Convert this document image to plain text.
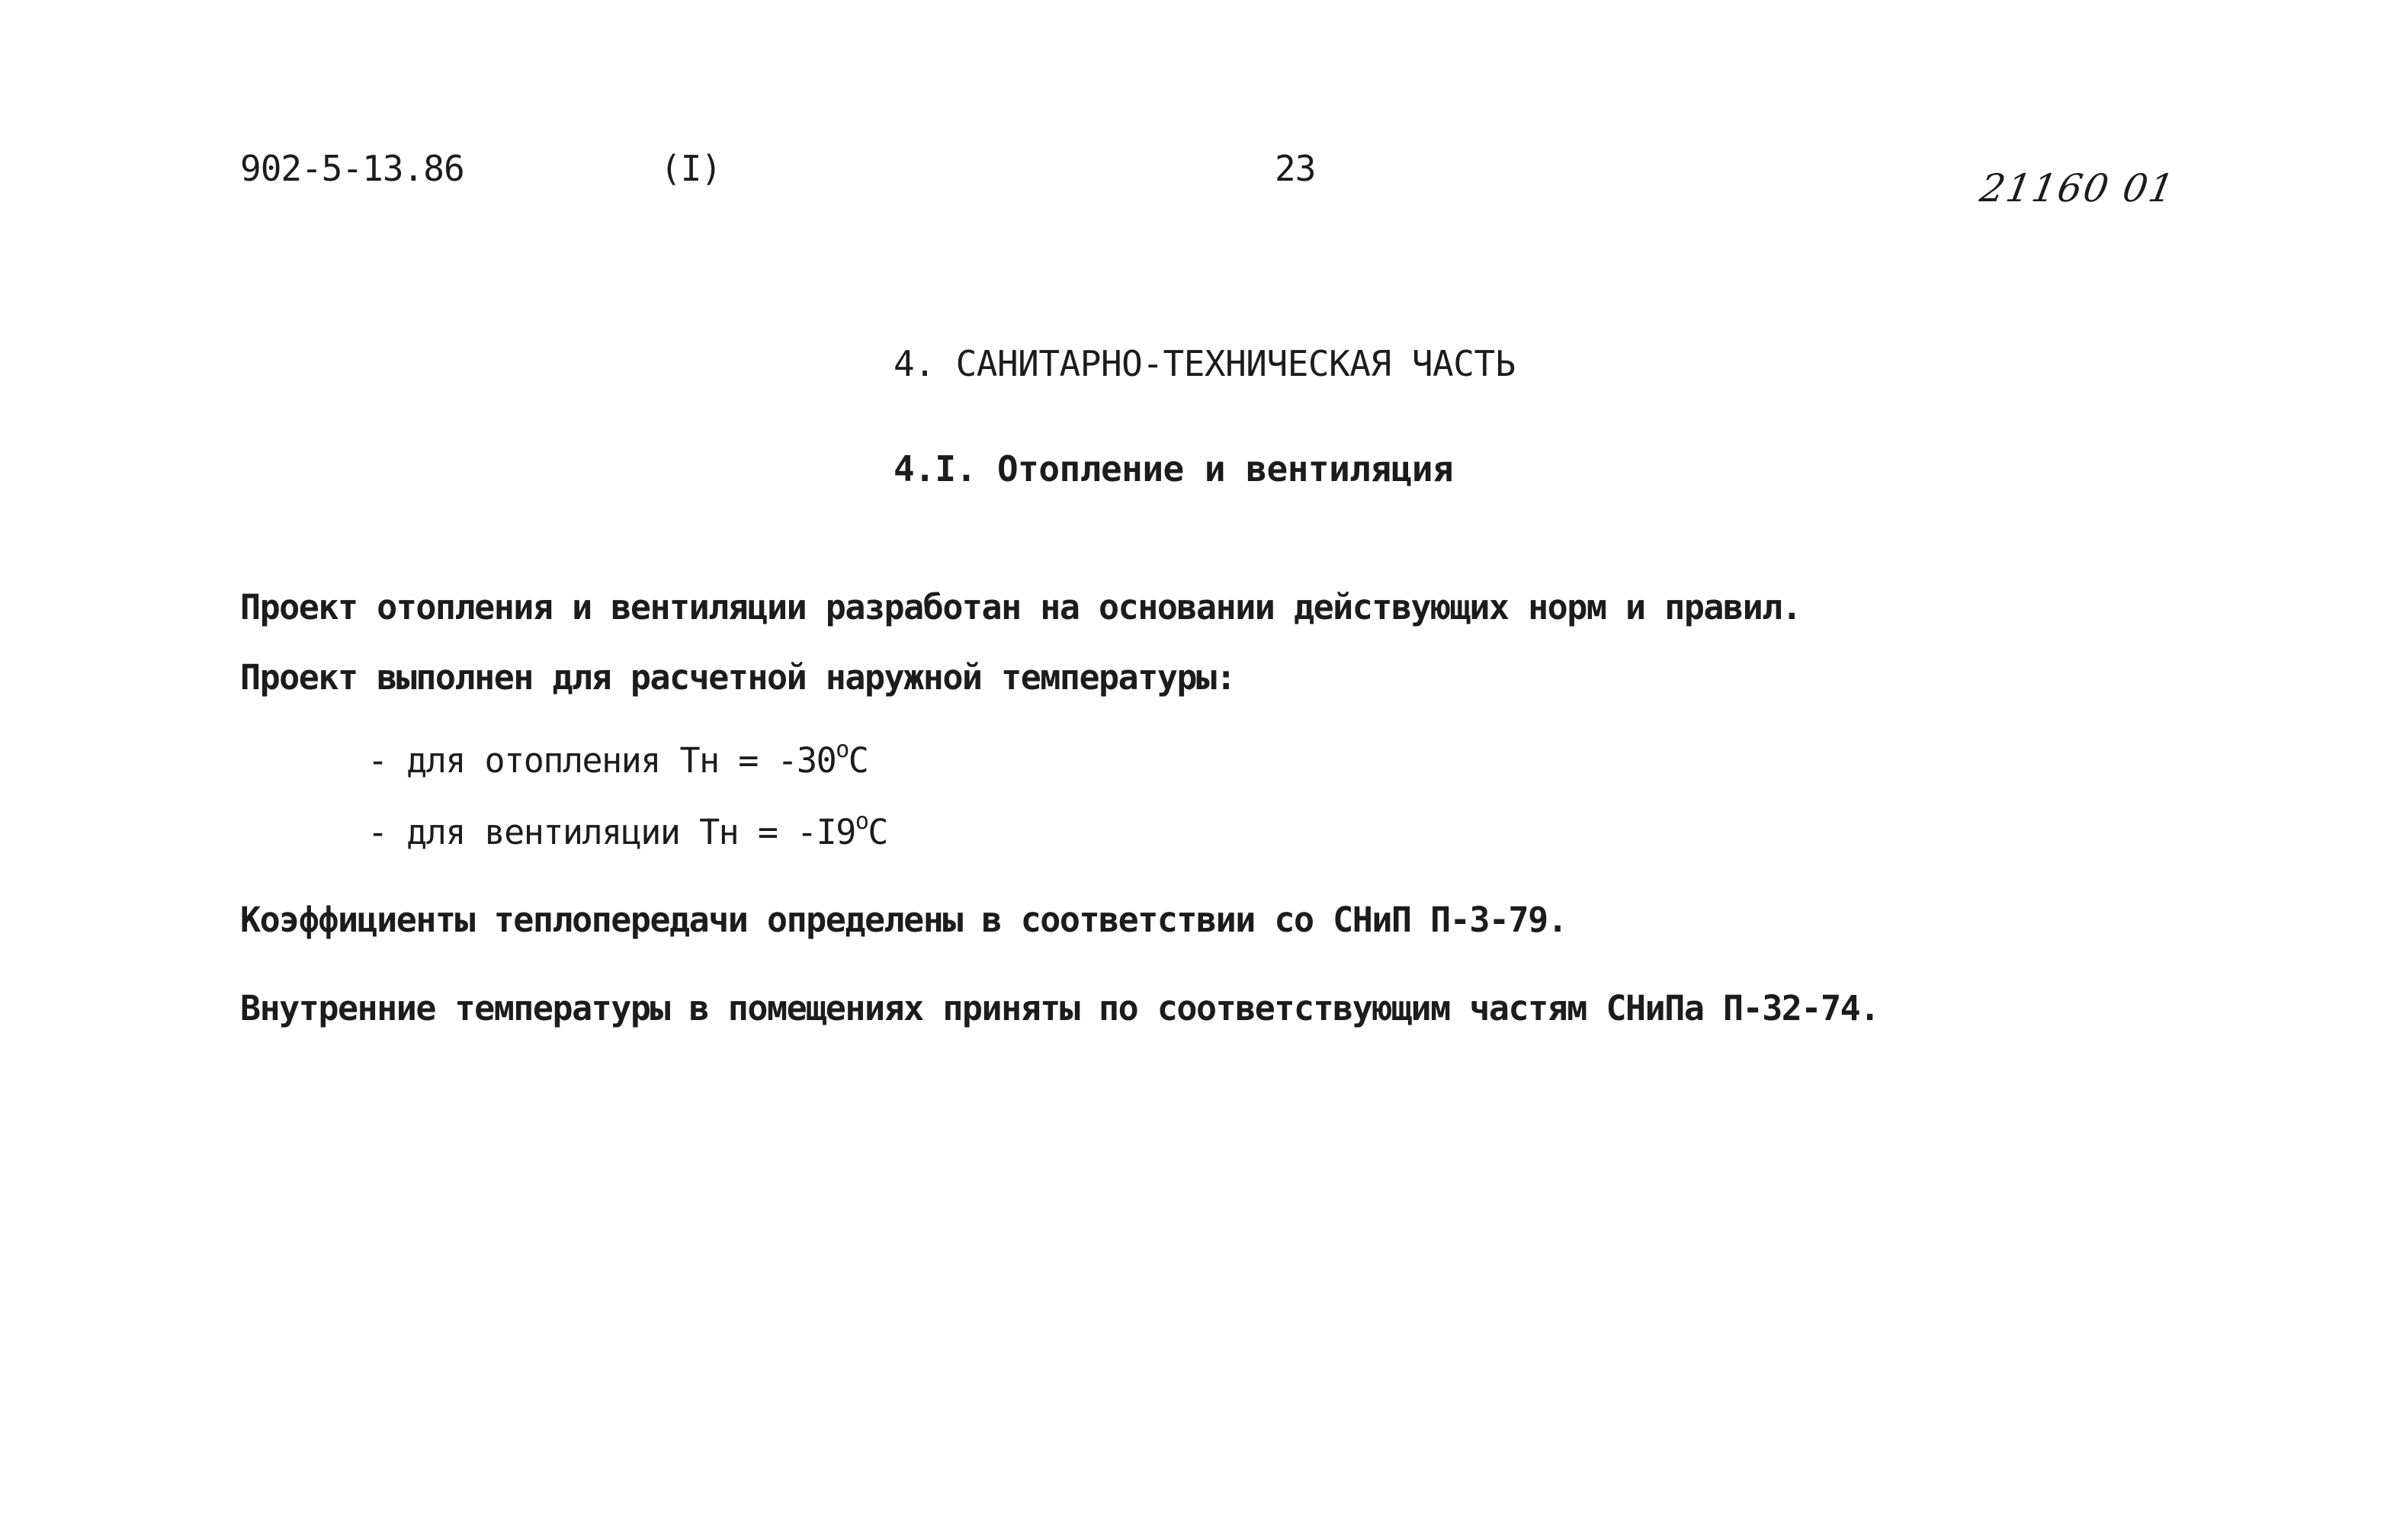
902-5-13.86	(I)	23	21160 01
4. САНИТАРНО-ТЕХНИЧЕСКАЯ ЧАСТЬ
4.I. Отопление и вентиляция
Проект отопления и вентиляции разработан на основании действующих норм и правил.
Проект выполнен для расчетной наружной температуры:
- для отопления Тн = $-30^oC$
- для вентиляции Тн = $-I9^oC$
Коэффициенты теплопередачи определены в соответствии со СНиП П-3-79.
Внутренние температуры в помещениях приняты по соответствующим частям СНиПа П-32-74.
